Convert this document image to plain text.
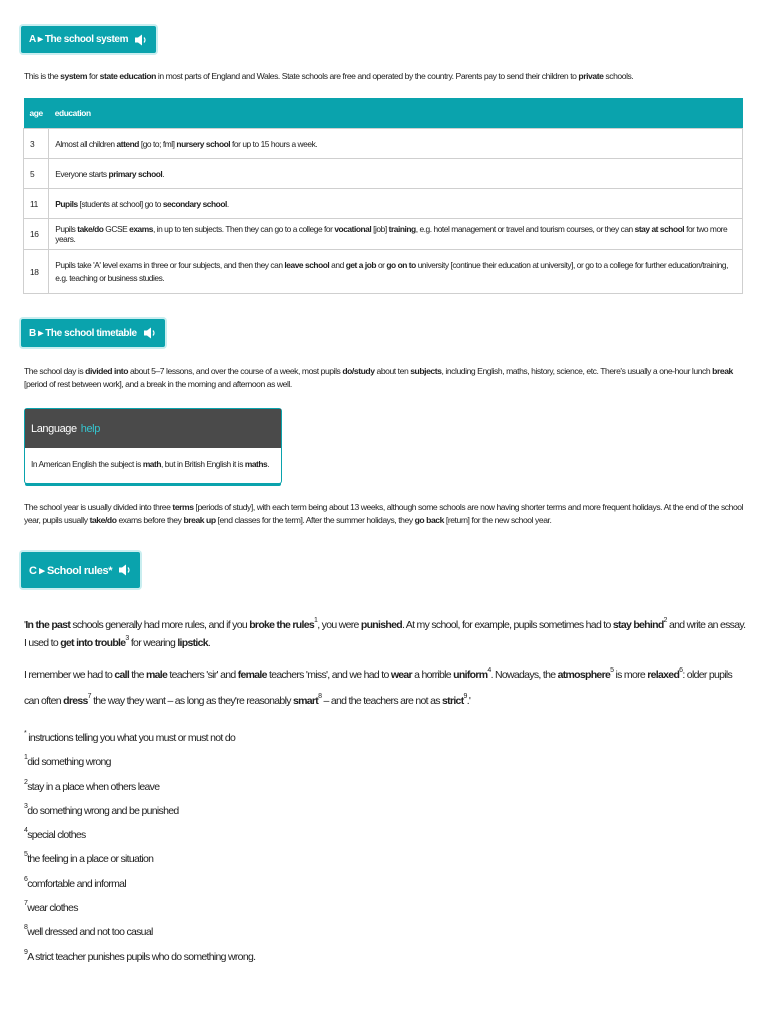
A ▸ The school system

This is the system for state education in most parts of England and Wales. State schools are free and operated by the country. Parents pay to send their children to private schools.

age	education
3	Almost all children attend [go to; fml] nursery school for up to 15 hours a week.
5	Everyone starts primary school.
11	Pupils [students at school] go to secondary school.
16	Pupils take/do GCSE exams, in up to ten subjects. Then they can go to a college for vocational [job] training, e.g. hotel management or travel and tourism courses, or they can stay at school for two more years.
18	Pupils take 'A' level exams in three or four subjects, and then they can leave school and get a job or go on to university [continue their education at university], or go to a college for further education/training, e.g. teaching or business studies.
B ▸ The school timetable

The school day is divided into about 5–7 lessons, and over the course of a week, most pupils do/study about ten subjects, including English, maths, history, science, etc. There's usually a one-hour lunch break [period of rest between work], and a break in the morning and afternoon as well.

Language help

In American English the subject is math, but in British English it is maths.

The school year is usually divided into three terms [periods of study], with each term being about 13 weeks, although some schools are now having shorter terms and more frequent holidays. At the end of the school year, pupils usually take/do exams before they break up [end classes for the term]. After the summer holidays, they go back [return] for the new school year.

C ▸ School rules*

'In the past schools generally had more rules, and if you broke the rules$^1$, you were punished. At my school, for example, pupils sometimes had to stay behind$^2$ and write an essay. I used to get into trouble$^3$ for wearing lipstick.

I remember we had to call the male teachers 'sir' and female teachers 'miss', and we had to wear a horrible uniform$^4$. Nowadays, the atmosphere$^5$ is more relaxed$^6$: older pupils can often dress$^7$ the way they want – as long as they're reasonably smart$^8$ – and the teachers are not as strict$^9$.'

* instructions telling you what you must or must not do
$^1$did something wrong
$^2$stay in a place when others leave
$^3$do something wrong and be punished
$^4$special clothes
$^5$the feeling in a place or situation
$^6$comfortable and informal
$^7$wear clothes
$^8$well dressed and not too casual
$^9$A strict teacher punishes pupils who do something wrong.
